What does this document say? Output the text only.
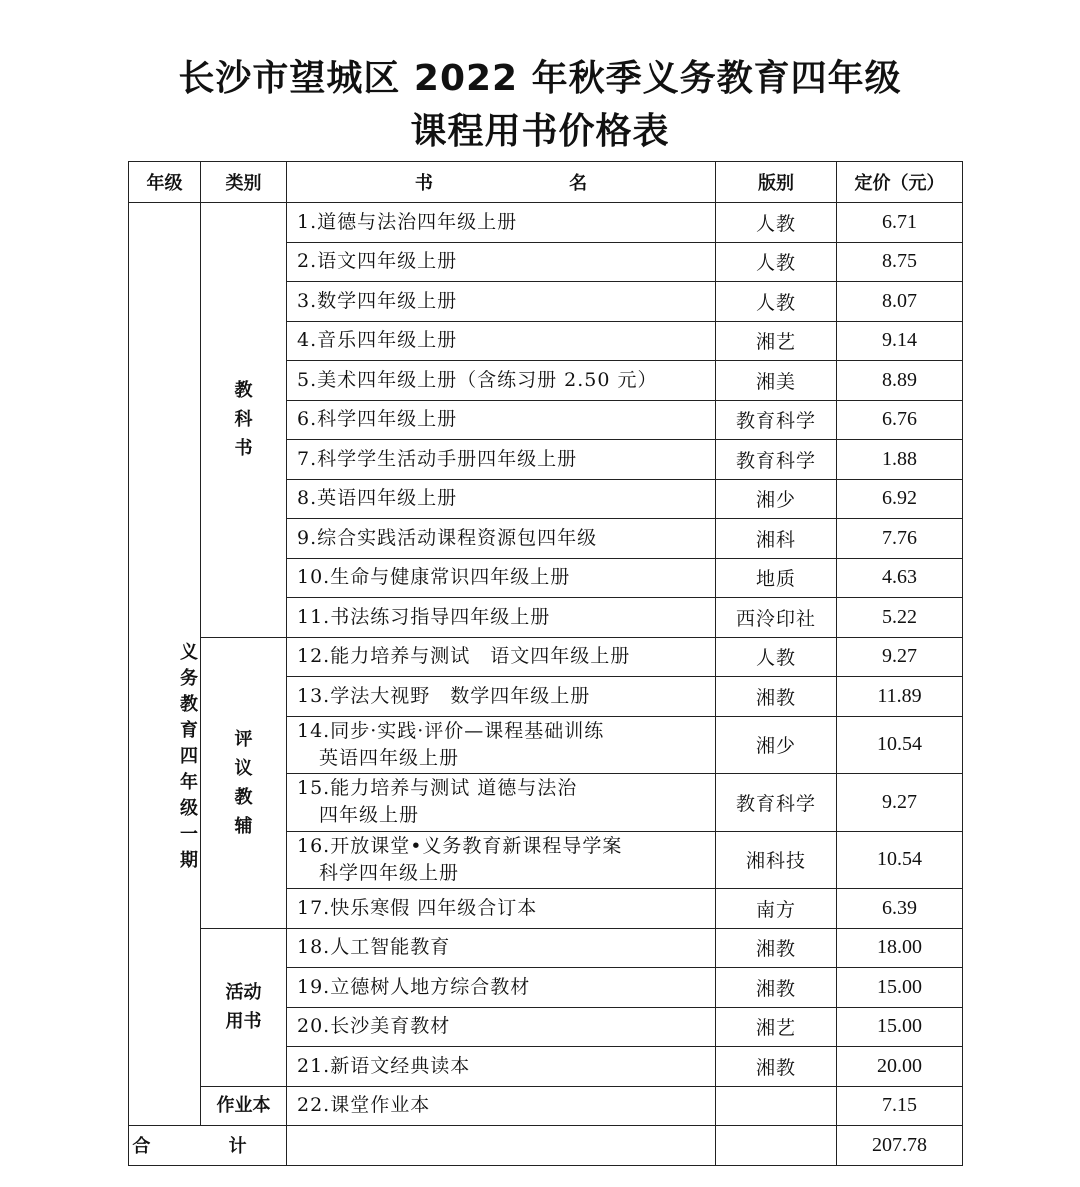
长沙市望城区 2022 年秋季义务教育四年级
课程用书价格表
年级	类别	书 名	版别	定价（元）
义务教育四年级一期	教科书	1.道德与法治四年级上册	人教	6.71
		2.语文四年级上册	人教	8.75
		3.数学四年级上册	人教	8.07
		4.音乐四年级上册	湘艺	9.14
		5.美术四年级上册（含练习册 2.50 元）	湘美	8.89
		6.科学四年级上册	教育科学	6.76
		7.科学学生活动手册四年级上册	教育科学	1.88
		8.英语四年级上册	湘少	6.92
		9.综合实践活动课程资源包四年级	湘科	7.76
		10.生命与健康常识四年级上册	地质	4.63
		11.书法练习指导四年级上册	西泠印社	5.22
	评议教辅	12.能力培养与测试　语文四年级上册	人教	9.27
		13.学法大视野　数学四年级上册	湘教	11.89
		14.同步·实践·评价—课程基础训练
英语四年级上册	湘少	10.54
		15.能力培养与测试 道德与法治
四年级上册	教育科学	9.27
		16.开放课堂•义务教育新课程导学案
科学四年级上册	湘科技	10.54
		17.快乐寒假 四年级合订本	南方	6.39
	活动用书	18.人工智能教育	湘教	18.00
		19.立德树人地方综合教材	湘教	15.00
		20.长沙美育教材	湘艺	15.00
		21.新语文经典读本	湘教	20.00
	作业本	22.课堂作业本		7.15
合 计				207.78
